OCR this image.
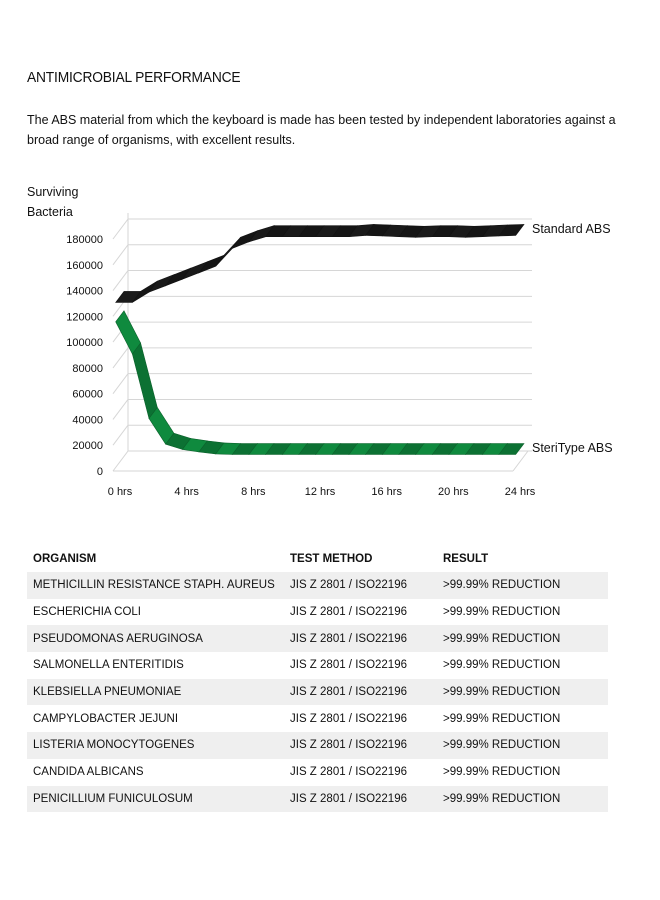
ANTIMICROBIAL PERFORMANCE

The ABS material from which the keyboard is made has been tested by independent laboratories against a broad range of organisms, with excellent results.

0
20000
40000
60000
80000
100000
120000
140000
160000
180000
0 hrs	4 hrs	8 hrs	12 hrs	16 hrs	20 hrs	24 hrs
Surviving
Bacteria
Standard ABS
SteriType ABS
ORGANISM	TEST METHOD	RESULT
METHICILLIN RESISTANCE STAPH. AUREUS	JIS Z 2801 / ISO22196	>99.99% REDUCTION
ESCHERICHIA COLI	JIS Z 2801 / ISO22196	>99.99% REDUCTION
PSEUDOMONAS AERUGINOSA	JIS Z 2801 / ISO22196	>99.99% REDUCTION
SALMONELLA ENTERITIDIS	JIS Z 2801 / ISO22196	>99.99% REDUCTION
KLEBSIELLA PNEUMONIAE	JIS Z 2801 / ISO22196	>99.99% REDUCTION
CAMPYLOBACTER JEJUNI	JIS Z 2801 / ISO22196	>99.99% REDUCTION
LISTERIA MONOCYTOGENES	JIS Z 2801 / ISO22196	>99.99% REDUCTION
CANDIDA ALBICANS	JIS Z 2801 / ISO22196	>99.99% REDUCTION
PENICILLIUM FUNICULOSUM	JIS Z 2801 / ISO22196	>99.99% REDUCTION
